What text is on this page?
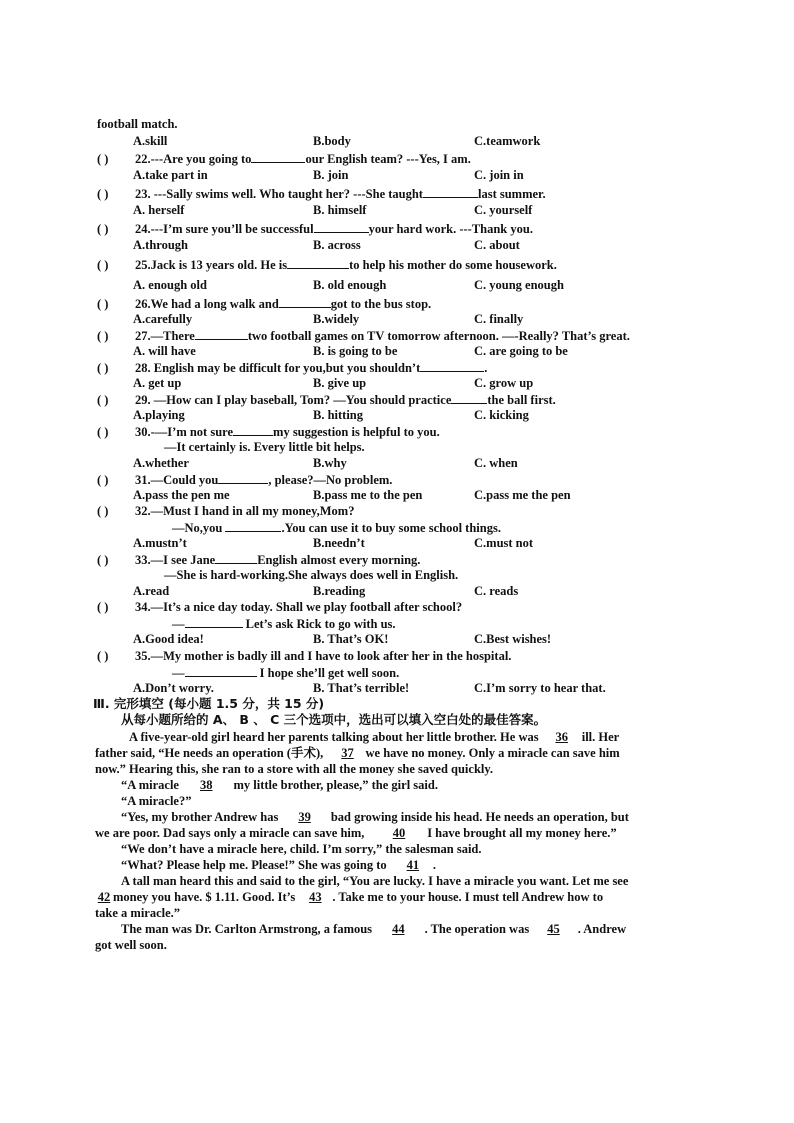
football match.
A.skill	B.body	C.teamwork
( ) 22.---Are you going to	our English team? ---Yes, I am.
A.take part in	B. join	C. join in
( ) 23. ---Sally swims well. Who taught her? ---She taught	last summer.
A. herself	B. himself	C. yourself
( ) 24.---I’m sure you’ll be successful	your hard work. ---Thank you.
A.through	B. across	C. about
( ) 25.Jack is 13 years old. He is	to help his mother do some housework.
A. enough old	B. old enough	C. young enough
( ) 26.We had a long walk and	got to the bus stop.
A.carefully	B.widely	C. finally
( ) 27.—There	two football games on TV tomorrow afternoon. —-Really? That’s great.
A. will have	B. is going to be	C. are going to be
( ) 28. English may be difficult for you,but you shouldn’t	.
A. get up	B. give up	C. grow up
( ) 29. —How can I play baseball, Tom? —You should practice	the ball first.
A.playing	B. hitting	C. kicking
( ) 30.-—I’m not sure	my suggestion is helpful to you.
—It certainly is. Every little bit helps.
A.whether	B.why	C. when
( ) 31.—Could you	, please?—No problem.
A.pass the pen me	B.pass me to the pen	C.pass me the pen
( ) 32.—Must I hand in all my money,Mom?
—No,you	.You can use it to buy some school things.
A.mustn’t	B.needn’t	C.must not
( ) 33.—I see Jane	English almost every morning.
—She is hard-working.She always does well in English.
A.read	B.reading	C. reads
( ) 34.—It’s a nice day today. Shall we play football after school?
—	Let’s ask Rick to go with us.
A.Good idea!	B. That’s OK!	C.Best wishes!
( ) 35.—My mother is badly ill and I have to look after her in the hospital.
—	I hope she’ll get well soon.
A.Don’t worry.	B. That’s terrible!	C.I’m sorry to hear that.
Ⅲ. 完形填空 (每小题 1.5 分，共 15 分)
从每小题所给的 A、 B 、 C 三个选项中，选出可以填入空白处的最佳答案。
A five-year-old girl heard her parents talking about her little brother. He was 36 ill. Her
father said, “He needs an operation (手术), 37 we have no money. Only a miracle can save him
now.” Hearing this, she ran to a store with all the money she saved quickly.
“A miracle 38 my little brother, please,” the girl said.
“A miracle?”
“Yes, my brother Andrew has 39 bad growing inside his head. He needs an operation, but
we are poor. Dad says only a miracle can save him, 40 I have brought all my money here.”
“We don’t have a miracle here, child. I’m sorry,” the salesman said.
“What? Please help me. Please!” She was going to 41 .
A tall man heard this and said to the girl, “You are lucky. I have a miracle you want. Let me see
42 money you have. $ 1.11. Good. It’s 43 . Take me to your house. I must tell Andrew how to
take a miracle.”
The man was Dr. Carlton Armstrong, a famous 44 . The operation was 45 . Andrew
got well soon.
